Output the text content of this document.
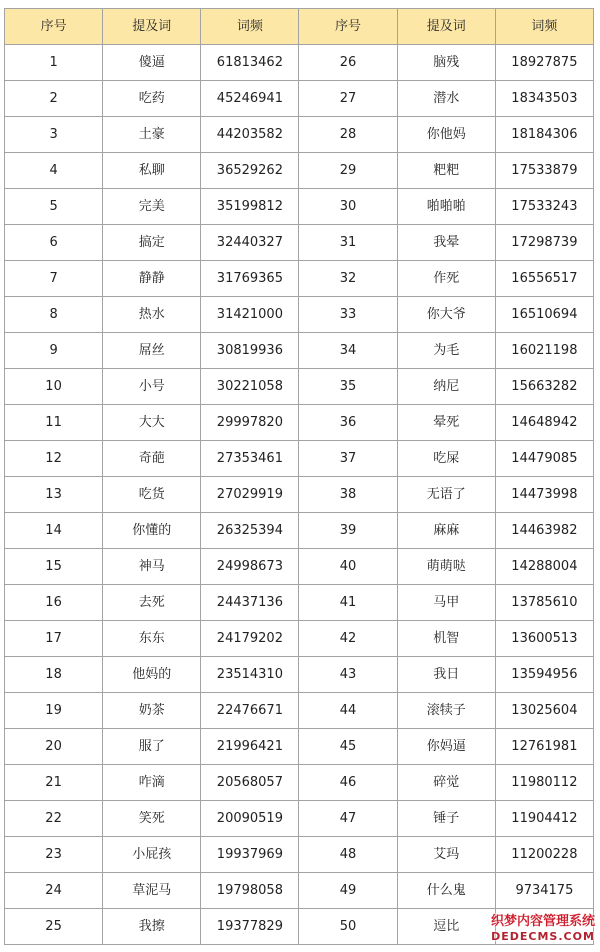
序号	提及词	词频	序号	提及词	词频
1	傻逼	61813462	26	脑残	18927875
2	吃药	45246941	27	潜水	18343503
3	土豪	44203582	28	你他妈	18184306
4	私聊	36529262	29	粑粑	17533879
5	完美	35199812	30	啪啪啪	17533243
6	搞定	32440327	31	我晕	17298739
7	静静	31769365	32	作死	16556517
8	热水	31421000	33	你大爷	16510694
9	屌丝	30819936	34	为毛	16021198
10	小号	30221058	35	纳尼	15663282
11	大大	29997820	36	晕死	14648942
12	奇葩	27353461	37	吃屎	14479085
13	吃货	27029919	38	无语了	14473998
14	你懂的	26325394	39	麻麻	14463982
15	神马	24998673	40	萌萌哒	14288004
16	去死	24437136	41	马甲	13785610
17	东东	24179202	42	机智	13600513
18	他妈的	23514310	43	我日	13594956
19	奶茶	22476671	44	滚犊子	13025604
20	服了	21996421	45	你妈逼	12761981
21	咋滴	20568057	46	碎觉	11980112
22	笑死	20090519	47	锤子	11904412
23	小屁孩	19937969	48	艾玛	11200228
24	草泥马	19798058	49	什么鬼	9734175
25	我擦	19377829	50	逗比	织梦内容管理系统
DEDECMS.COM
